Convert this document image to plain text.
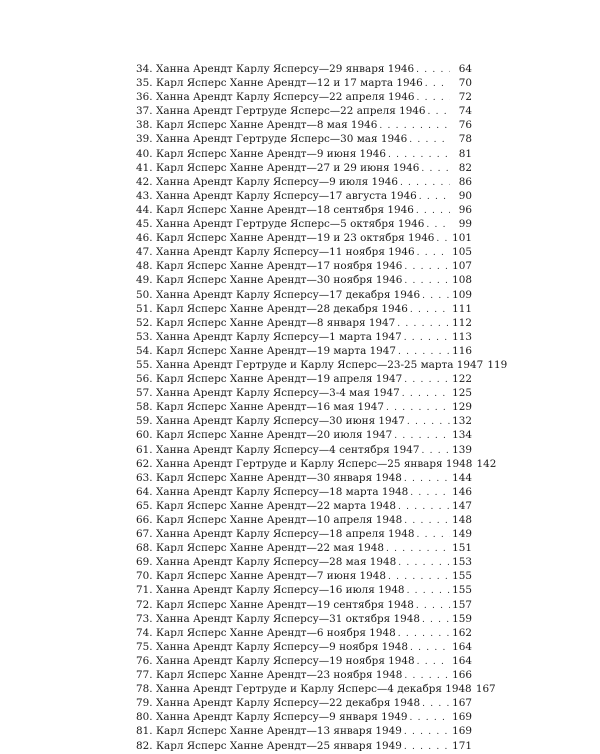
34. Ханна Арендт Карлу Ясперсу—29 января 1946 . . .	64
35. Карл Ясперс Ханне Арендт—12 и 17 марта 1946 . . .	70
36. Ханна Арендт Карлу Ясперсу—22 апреля 1946 . . .	72
37. Ханна Арендт Гертруде Ясперс—22 апреля 1946 . . .	74
38. Карл Ясперс Ханне Арендт—8 мая 1946 . . .	76
39. Ханна Арендт Гертруде Ясперс—30 мая 1946 . . .	78
40. Карл Ясперс Ханне Арендт—9 июня 1946 . . .	81
41. Карл Ясперс Ханне Арендт—27 и 29 июня 1946 . . .	82
42. Ханна Арендт Карлу Ясперсу—9 июля 1946 . . .	86
43. Ханна Арендт Карлу Ясперсу—17 августа 1946 . . .	90
44. Карл Ясперс Ханне Арендт—18 сентября 1946 . . .	96
45. Ханна Арендт Гертруде Ясперс—5 октября 1946 . . .	99
46. Карл Ясперс Ханне Арендт—19 и 23 октября 1946 . . . 101
47. Ханна Арендт Карлу Ясперсу—11 ноября 1946 . . .	105
48. Карл Ясперс Ханне Арендт—17 ноября 1946 . . .	107
49. Карл Ясперс Ханне Арендт—30 ноября 1946 . . .	108
50. Ханна Арендт Карлу Ясперсу—17 декабря 1946 . . .	109
51. Карл Ясперс Ханне Арендт—28 декабря 1946 . . .	111
52. Карл Ясперс Ханне Арендт—8 января 1947 . . .	112
53. Ханна Арендт Карлу Ясперсу—1 марта 1947 . . .	113
54. Карл Ясперс Ханне Арендт—19 марта 1947 . . .	116
55. Ханна Арендт Гертруде и Карлу Ясперс—23-25 марта 1947 119
56. Карл Ясперс Ханне Арендт—19 апреля 1947 . . .	122
57. Ханна Арендт Карлу Ясперсу—3-4 мая 1947 . . .	125
58. Карл Ясперс Ханне Арендт—16 мая 1947 . . .	129
59. Ханна Арендт Карлу Ясперсу—30 июня 1947 . . .	132
60. Карл Ясперс Ханне Арендт—20 июля 1947 . . .	134
61. Ханна Арендт Карлу Ясперсу—4 сентября 1947 . . .	139
62. Ханна Арендт Гертруде и Карлу Ясперс—25 января 1948 142
63. Карл Ясперс Ханне Арендт—30 января 1948 . . .	144
64. Ханна Арендт Карлу Ясперсу—18 марта 1948 . . .	146
65. Карл Ясперс Ханне Арендт—22 марта 1948 . . .	147
66. Карл Ясперс Ханне Арендт—10 апреля 1948 . . .	148
67. Ханна Арендт Карлу Ясперсу—18 апреля 1948 . . .	149
68. Карл Ясперс Ханне Арендт—22 мая 1948 . . .	151
69. Ханна Арендт Карлу Ясперсу—28 мая 1948 . . .	153
70. Карл Ясперс Ханне Арендт—7 июня 1948 . . .	155
71. Ханна Арендт Карлу Ясперсу—16 июля 1948 . . .	155
72. Карл Ясперс Ханне Арендт—19 сентября 1948 . . .	157
73. Ханна Арендт Карлу Ясперсу—31 октября 1948 . . .	159
74. Карл Ясперс Ханне Арендт—6 ноября 1948 . . .	162
75. Ханна Арендт Карлу Ясперсу—9 ноября 1948 . . .	164
76. Ханна Арендт Карлу Ясперсу—19 ноября 1948 . . .	164
77. Карл Ясперс Ханне Арендт—23 ноября 1948 . . .	166
78. Ханна Арендт Гертруде и Карлу Ясперс—4 декабря 1948 167
79. Ханна Арендт Карлу Ясперсу—22 декабря 1948 . . .	167
80. Ханна Арендт Карлу Ясперсу—9 января 1949 . . .	169
81. Карл Ясперс Ханне Арендт—13 января 1949 . . .	169
82. Карл Ясперс Ханне Арендт—25 января 1949 . . .	171
